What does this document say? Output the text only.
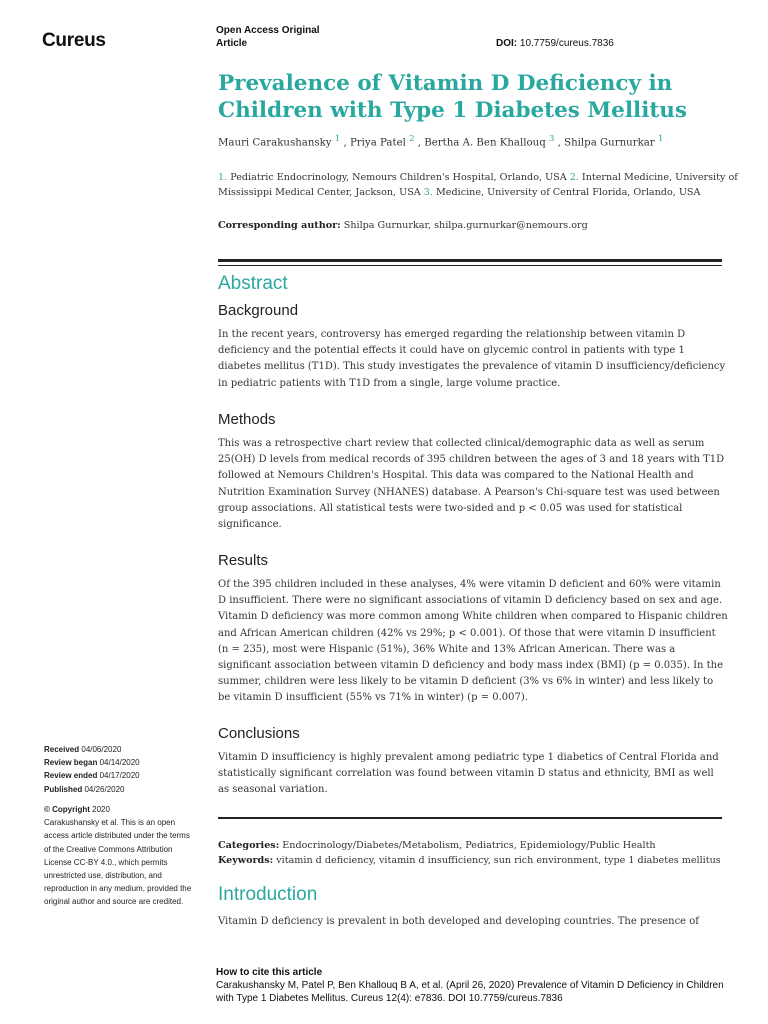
Cureus	Open Access Original
Article	DOI: 10.7759/cureus.7836
Prevalence of Vitamin D Deficiency in
Children with Type 1 Diabetes Mellitus
Mauri Carakushansky $^1$ , Priya Patel $^2$ , Bertha A. Ben Khallouq $^3$ , Shilpa Gurnurkar $^1$
1. Pediatric Endocrinology, Nemours Children's Hospital, Orlando, USA 2. Internal Medicine, University of Mississippi Medical Center, Jackson, USA 3. Medicine, University of Central Florida, Orlando, USA
Corresponding author: Shilpa Gurnurkar, shilpa.gurnurkar@nemours.org
Abstract
Background
In the recent years, controversy has emerged regarding the relationship between vitamin D deficiency and the potential effects it could have on glycemic control in patients with type 1 diabetes mellitus (T1D). This study investigates the prevalence of vitamin D insufficiency/deficiency in pediatric patients with T1D from a single, large volume practice.
Methods
This was a retrospective chart review that collected clinical/demographic data as well as serum 25(OH) D levels from medical records of 395 children between the ages of 3 and 18 years with T1D followed at Nemours Children's Hospital. This data was compared to the National Health and Nutrition Examination Survey (NHANES) database. A Pearson's Chi-square test was used between group associations. All statistical tests were two-sided and p < 0.05 was used for statistical significance.
Results
Of the 395 children included in these analyses, 4% were vitamin D deficient and 60% were vitamin D insufficient. There were no significant associations of vitamin D deficiency based on sex and age. Vitamin D deficiency was more common among White children when compared to Hispanic children and African American children (42% vs 29%; p < 0.001). Of those that were vitamin D insufficient (n = 235), most were Hispanic (51%), 36% White and 13% African American. There was a significant association between vitamin D deficiency and body mass index (BMI) (p = 0.035). In the summer, children were less likely to be vitamin D deficient (3% vs 6% in winter) and less likely to be vitamin D insufficient (55% vs 71% in winter) (p = 0.007).
Conclusions
Vitamin D insufficiency is highly prevalent among pediatric type 1 diabetics of Central Florida and statistically significant correlation was found between vitamin D status and ethnicity, BMI as well as seasonal variation.
Received 04/06/2020
Review began 04/14/2020
Review ended 04/17/2020
Published 04/26/2020
© Copyright 2020
Carakushansky et al. This is an open access article distributed under the terms of the Creative Commons Attribution License CC-BY 4.0., which permits unrestricted use, distribution, and reproduction in any medium, provided the original author and source are credited.
Categories: Endocrinology/Diabetes/Metabolism, Pediatrics, Epidemiology/Public Health
Keywords: vitamin d deficiency, vitamin d insufficiency, sun rich environment, type 1 diabetes mellitus
Introduction
Vitamin D deficiency is prevalent in both developed and developing countries. The presence of
How to cite this article
Carakushansky M, Patel P, Ben Khallouq B A, et al. (April 26, 2020) Prevalence of Vitamin D Deficiency in Children with Type 1 Diabetes Mellitus. Cureus 12(4): e7836. DOI 10.7759/cureus.7836
